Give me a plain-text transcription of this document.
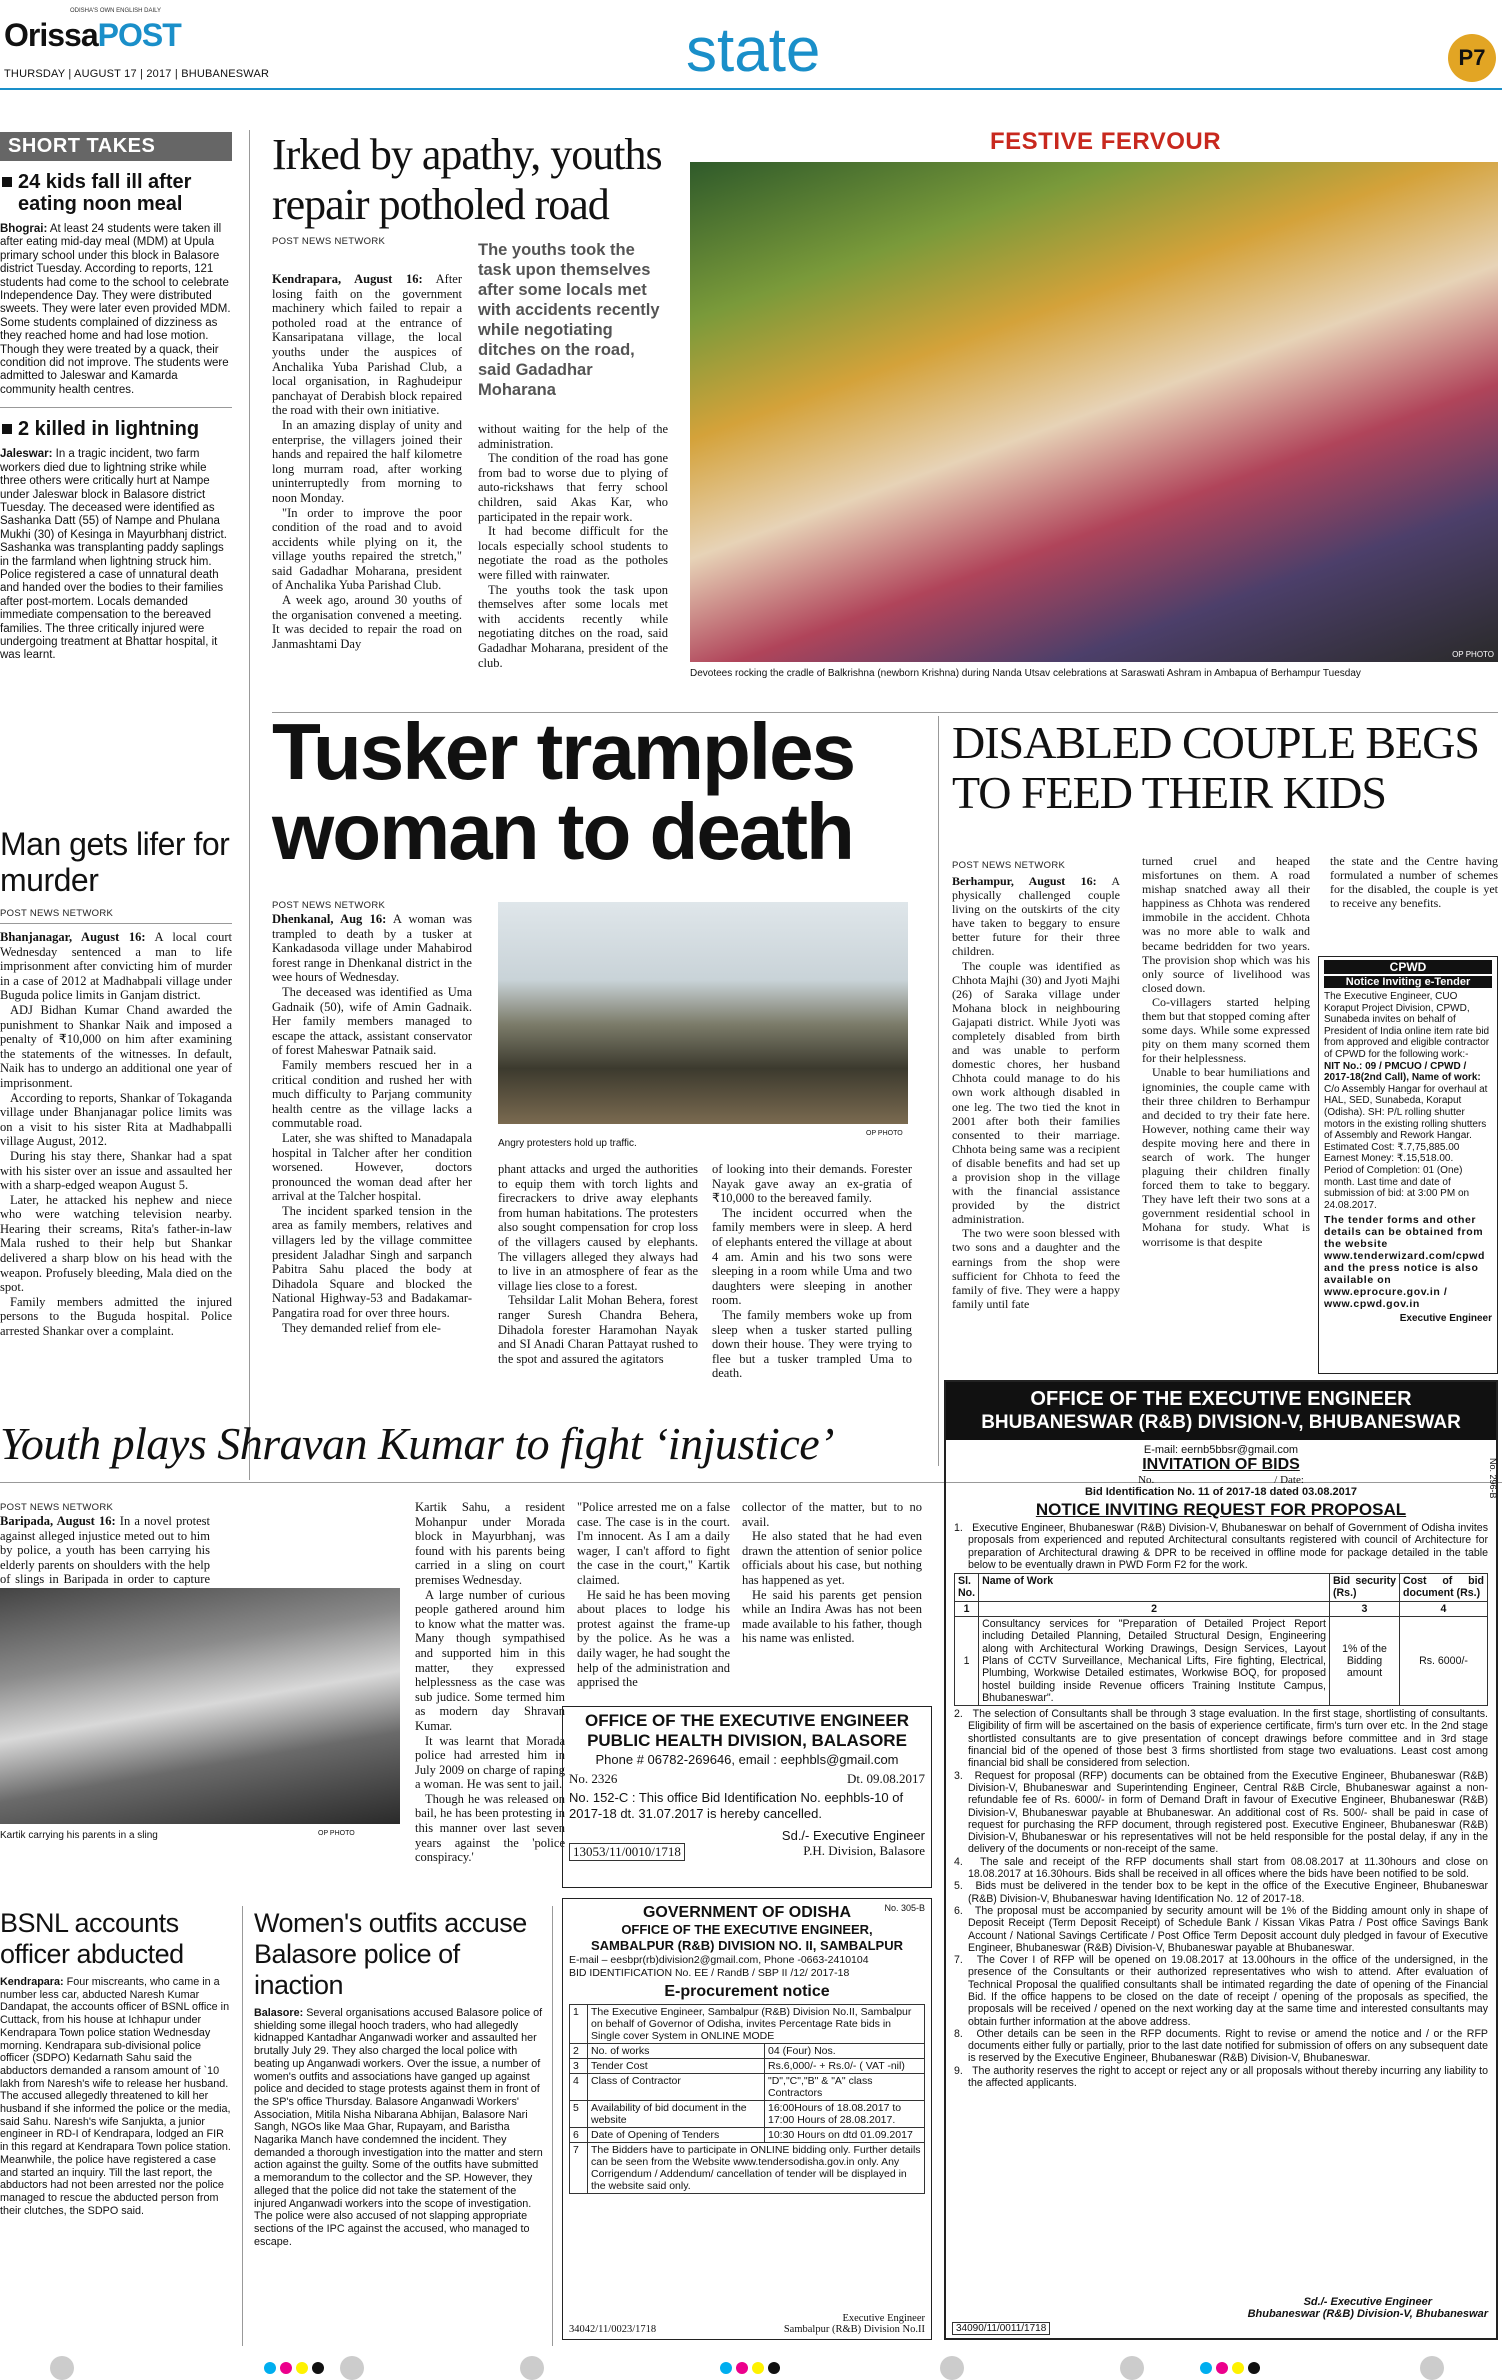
OrissaPOST
ODISHA'S OWN ENGLISH DAILY
THURSDAY | AUGUST 17 | 2017 | BHUBANESWAR	state	P7
SHORT TAKES
24 kids fall ill after eating noon meal

Bhograi: At least 24 students were taken ill after eating mid-day meal (MDM) at Upula primary school under this block in Balasore district Tuesday. According to reports, 121 students had come to the school to celebrate Independence Day. They were distributed sweets. They were later even provided MDM. Some students complained of dizziness as they reached home and had lose motion. Though they were treated by a quack, their condition did not improve. The students were admitted to Jaleswar and Kamarda community health centres.

2 killed in lightning

Jaleswar: In a tragic incident, two farm workers died due to lightning strike while three others were critically hurt at Nampe under Jaleswar block in Balasore district Tuesday. The deceased were identified as Sashanka Datt (55) of Nampe and Phulana Mukhi (30) of Kesinga in Mayurbhanj district. Sashanka was transplanting paddy saplings in the farmland when lightning struck him. Police registered a case of unnatural death and handed over the bodies to their families after post-mortem. Locals demanded immediate compensation to the bereaved families. The three critically injured were undergoing treatment at Bhattar hospital, it was learnt.

Man gets lifer for murder
POST NEWS NETWORK

Bhanjanagar, August 16: A local court Wednesday sentenced a man to life imprisonment after convicting him of murder in a case of 2012 at Madhabpali village under Buguda police limits in Ganjam district.

ADJ Bidhan Kumar Chand awarded the punishment to Shankar Naik and imposed a penalty of ₹10,000 on him after examining the statements of the witnesses. In default, Naik has to undergo an additional one year of imprisonment.

According to reports, Shankar of Tokaganda village under Bhanjanagar police limits was on a visit to his sister Rita at Madhabpalli village August, 2012.

During his stay there, Shankar had a spat with his sister over an issue and assaulted her with a sharp-edged weapon August 5.

Later, he attacked his nephew and niece who were watching television nearby. Hearing their screams, Rita's father-in-law Mala rushed to their help but Shankar delivered a sharp blow on his head with the weapon. Profusely bleeding, Mala died on the spot.

Family members admitted the injured persons to the Buguda hospital. Police arrested Shankar over a complaint.

Irked by apathy, youths repair potholed road
POST NEWS NETWORK	The youths took the task upon themselves after some locals met with accidents recently while negotiating ditches on the road, said Gadadhar Moharana

Kendrapara, August 16: After losing faith on the government machinery which failed to repair a potholed road at the entrance of Kansaripatana village, the local youths under the auspices of Anchalika Yuba Parishad Club, a local organisation, in Raghudeipur panchayat of Derabish block repaired the road with their own initiative.

In an amazing display of unity and enterprise, the villagers joined their hands and repaired the half kilometre long murram road, after working uninterruptedly from morning to noon Monday.

"In order to improve the poor condition of the road and to avoid accidents while plying on it, the village youths repaired the stretch," said Gadadhar Moharana, president of Anchalika Yuba Parishad Club.

A week ago, around 30 youths of the organisation convened a meeting. It was decided to repair the road on Janmashtami Day

without waiting for the help of the administration.

The condition of the road has gone from bad to worse due to plying of auto-rickshaws that ferry school children, said Akas Kar, who participated in the repair work.

It had become difficult for the locals especially school students to negotiate the road as the potholes were filled with rainwater.

The youths took the task upon themselves after some locals met with accidents recently while negotiating ditches on the road, said Gadadhar Moharana, president of the club.

FESTIVE FERVOUR
OP PHOTO
Devotees rocking the cradle of Balkrishna (newborn Krishna) during Nanda Utsav celebrations at Saraswati Ashram in Ambapua of Berhampur Tuesday
Tusker tramples woman to death
POST NEWS NETWORK

Dhenkanal, Aug 16: A woman was trampled to death by a tusker at Kankadasoda village under Mahabirod forest range in Dhenkanal district in the wee hours of Wednesday.

The deceased was identified as Uma Gadnaik (50), wife of Amin Gadnaik. Her family members managed to escape the attack, assistant conservator of forest Maheswar Patnaik said.

Family members rescued her in a critical condition and rushed her with much difficulty to Parjang community health centre as the village lacks a commutable road.

Later, she was shifted to Manadapala hospital in Talcher after her condition worsened. However, doctors pronounced the woman dead after her arrival at the Talcher hospital.

The incident sparked tension in the area as family members, relatives and villagers led by the village committee president Jaladhar Singh and sarpanch Pabitra Sahu placed the body at Dihadola Square and blocked the National Highway-53 and Badakamar-Pangatira road for over three hours.

They demanded relief from ele-

Angry protesters hold up traffic.
OP PHOTO

phant attacks and urged the authorities to equip them with torch lights and firecrackers to drive away elephants from human habitations. The protesters also sought compensation for crop loss of the villagers caused by elephants. The villagers alleged they always had to live in an atmosphere of fear as the village lies close to a forest.

Tehsildar Lalit Mohan Behera, forest ranger Suresh Chandra Behera, Dihadola forester Haramohan Nayak and SI Anadi Charan Pattayat rushed to the spot and assured the agitators

of looking into their demands. Forester Nayak gave away an ex-gratia of ₹10,000 to the bereaved family.

The incident occurred when the family members were in sleep. A herd of elephants entered the village at about 4 am. Amin and his two sons were sleeping in a room while Uma and two daughters were sleeping in another room.

The family members woke up from sleep when a tusker started pulling down their house. They were trying to flee but a tusker trampled Uma to death.

DISABLED COUPLE BEGS TO FEED THEIR KIDS
POST NEWS NETWORK

Berhampur, August 16: A physically challenged couple living on the outskirts of the city have taken to beggary to ensure better future for their three children.

The couple was identified as Chhota Majhi (30) and Jyoti Majhi (26) of Saraka village under Mohana block in neighbouring Gajapati district. While Jyoti was completely disabled from birth and was unable to perform domestic chores, her husband Chhota could manage to do his own work although disabled in one leg. The two tied the knot in 2001 after both their families consented to their marriage. Chhota being same was a recipient of disable benefits and had set up a provision shop in the village with the financial assistance provided by the district administration.

The two were soon blessed with two sons and a daughter and the earnings from the shop were sufficient for Chhota to feed the family of five. They were a happy family until fate

turned cruel and heaped misfortunes on them. A road mishap snatched away all their happiness as Chhota was rendered immobile in the accident. Chhota was no more able to walk and became bedridden for two years. The provision shop which was his only source of livelihood was closed down.

Co-villagers started helping them but that stopped coming after some days. While some expressed pity on them many scorned them for their helplessness.

Unable to bear humiliations and ignominies, the couple came with their three children to Berhampur and decided to try their fate here. However, nothing came their way despite moving here and there in search of work. The hunger plaguing their children finally forced them to take to beggary. They have left their two sons at a government residential school in Mohana for study. What is worrisome is that despite

the state and the Centre having formulated a number of schemes for the disabled, the couple is yet to receive any benefits.

CPWD

Notice Inviting e-Tender

The Executive Engineer, CUO Koraput Project Division, CPWD, Sunabeda invites on behalf of President of India online item rate bid from approved and eligible contractor of CPWD for the following work:-

NIT No.: 09 / PMCUO / CPWD / 2017-18(2nd Call), Name of work: C/o Assembly Hangar for overhaul at HAL, SED, Sunabeda, Koraput (Odisha). SH: P/L rolling shutter motors in the existing rolling shutters of Assembly and Rework Hangar.

Estimated Cost: ₹.7,75,885.00

Earnest Money: ₹.15,518.00.

Period of Completion: 01 (One) month. Last time and date of submission of bid: at 3:00 PM on 24.08.2017.

The tender forms and other details can be obtained from the website www.tenderwizard.com/cpwd and the press notice is also available on www.eprocure.gov.in / www.cpwd.gov.in

Executive Engineer

Youth plays Shravan Kumar to fight ‘injustice’
POST NEWS NETWORK

Baripada, August 16: In a novel protest against alleged injustice meted out to him by police, a youth has been carrying his elderly parents on shoulders with the help of slings in Baripada in order to capture

Kartik carrying his parents in a sling	OP PHOTO

Kartik Sahu, a resident Mohanpur under Morada block in Mayurbhanj, was found with his parents being carried in a sling on court premises Wednesday.

A large number of curious people gathered around him to know what the matter was. Many though sympathised and supported him in this matter, they expressed helplessness as the case was sub judice. Some termed him as modern day Shravan Kumar.

It was learnt that Morada police had arrested him in July 2009 on charge of raping a woman. He was sent to jail.

Though he was released on bail, he has been protesting in this manner over last seven years against the 'police conspiracy.'

"Police arrested me on a false case. The case is in the court. I'm innocent. As I am a daily wager, I can't afford to fight the case in the court," Kartik claimed.

He said he has been moving about places to lodge his protest against the frame-up by the police. As he was a daily wager, he had sought the help of the administration and apprised the

collector of the matter, but to no avail.

He also stated that he had even drawn the attention of senior police officials about his case, but nothing has happened as yet.

He said his parents get pension while an Indira Awas has not been made available to his father, though his name was enlisted.

OFFICE OF THE EXECUTIVE ENGINEER

PUBLIC HEALTH DIVISION, BALASORE

Phone # 06782-269646, email : eephbls@gmail.com

No. 2326	Dt. 09.08.2017

No. 152-C : This office Bid Identification No. eephbls-10 of 2017-18 dt. 31.07.2017 is hereby cancelled.

Sd./- Executive Engineer

13053/11/0010/1718	P.H. Division, Balasore
BSNL accounts officer abducted

Kendrapara: Four miscreants, who came in a number less car, abducted Naresh Kumar Dandapat, the accounts officer of BSNL office in Cuttack, from his house at Ichhapur under Kendrapara Town police station Wednesday morning. Kendrapara sub-divisional police officer (SDPO) Kedarnath Sahu said the abductors demanded a ransom amount of `10 lakh from Naresh's wife to release her husband. The accused allegedly threatened to kill her husband if she informed the police or the media, said Sahu. Naresh's wife Sanjukta, a junior engineer in RD-I of Kendrapara, lodged an FIR in this regard at Kendrapara Town police station. Meanwhile, the police have registered a case and started an inquiry. Till the last report, the abductors had not been arrested nor the police managed to rescue the abducted person from their clutches, the SDPO said.

Women's outfits accuse Balasore police of inaction

Balasore: Several organisations accused Balasore police of shielding some illegal hooch traders, who had allegedly kidnapped Kantadhar Anganwadi worker and assaulted her brutally July 29. They also charged the local police with beating up Anganwadi workers. Over the issue, a number of women's outfits and associations have ganged up against police and decided to stage protests against them in front of the SP's office Thursday. Balasore Anganwadi Workers' Association, Mitila Nisha Nibarana Abhijan, Balasore Nari Sangh, NGOs like Maa Ghar, Rupayam, and Baristha Nagarika Manch have condemned the incident. They demanded a thorough investigation into the matter and stern action against the guilty. Some of the outfits have submitted a memorandum to the collector and the SP. However, they alleged that the police did not take the statement of the injured Anganwadi workers into the scope of investigation. The police were also accused of not slapping appropriate sections of the IPC against the accused, who managed to escape.

No. 305-B

GOVERNMENT OF ODISHA

OFFICE OF THE EXECUTIVE ENGINEER,

SAMBALPUR (R&B) DIVISION NO. II, SAMBALPUR

E-mail – eesbpr(rb)division2@gmail.com, Phone -0663-2410104

BID IDENTIFICATION No. EE / RandB / SBP II /12/ 2017-18

E-procurement notice

1	The Executive Engineer, Sambalpur (R&B) Division No.II, Sambalpur on behalf of Governor of Odisha, invites Percentage Rate bids in Single cover System in ONLINE MODE	
2	No. of works	04 (Four) Nos.
3	Tender Cost	Rs.6,000/- + Rs.0/- ( VAT -nil)
4	Class of Contractor	"D","C","B" & "A" class Contractors
5	Availability of bid document in the website	16:00Hours of 18.08.2017 to 17:00 Hours of 28.08.2017.
6	Date of Opening of Tenders	10:30 Hours on dtd 01.09.2017
7	The Bidders have to participate in ONLINE bidding only. Further details can be seen from the Website www.tendersodisha.gov.in only. Any Corrigendum / Addendum/ cancellation of tender will be displayed in the website said only.	
34042/11/0023/1718
Executive Engineer
Sambalpur (R&B) Division No.II

OFFICE OF THE EXECUTIVE ENGINEER

BHUBANESWAR (R&B) DIVISION-V, BHUBANESWAR

No. 296-B

E-mail: eernb5bbsr@gmail.com

INVITATION OF BIDS

No.	/ Date:

Bid Identification No. 11 of 2017-18 dated 03.08.2017

NOTICE INVITING REQUEST FOR PROPOSAL

1.   Executive Engineer, Bhubaneswar (R&B) Division-V, Bhubaneswar on behalf of Government of Odisha invites proposals from experienced and reputed Architectural consultants registered with council of Architecture for preparation of Architectural drawing & DPR to be received in offline mode for package detailed in the table below to be eventually drawn in PWD Form F2 for the work.

Sl. No.	Name of Work	Bid security (Rs.)	Cost of bid document (Rs.)
1	2	3	4
1	Consultancy services for "Preparation of Detailed Project Report including Detailed Planning, Detailed Structural Design, Engineering along with Architectural Working Drawings, Design Services, Layout Plans of CCTV Surveillance, Mechanical Lifts, Fire fighting, Electrical, Plumbing, Workwise Detailed estimates, Workwise BOQ, for proposed hostel building inside Revenue officers Training Institute Campus, Bhubaneswar".	1% of the Bidding amount	Rs. 6000/-

2.   The selection of Consultants shall be through 3 stage evaluation. In the first stage, shortlisting of consultants. Eligibility of firm will be ascertained on the basis of experience certificate, firm's turn over etc. In the 2nd stage shortlisted consultants are to give presentation of concept drawings before committee and in 3rd stage financial bid of the opened of those best 3 firms shortlisted from stage two evaluations. Least cost among financial bid shall be considered from selection.

3.   Request for proposal (RFP) documents can be obtained from the Executive Engineer, Bhubaneswar (R&B) Division-V, Bhubaneswar and Superintending Engineer, Central R&B Circle, Bhubaneswar against a non-refundable fee of Rs. 6000/- in form of Demand Draft in favour of Executive Engineer, Bhubaneswar (R&B) Division-V, Bhubaneswar payable at Bhubaneswar. An additional cost of Rs. 500/- shall be paid in case of request for purchasing the RFP document, through registered post. Executive Engineer, Bhubaneswar (R&B) Division-V, Bhubaneswar or his representatives will not be held responsible for the postal delay, if any in the delivery of the documents or non-receipt of the same.

4.   The sale and receipt of the RFP documents shall start from 08.08.2017 at 11.30hours and close on 18.08.2017 at 16.30hours. Bids shall be received in all offices where the bids have been notified to be sold.

5.   Bids must be delivered in the tender box to be kept in the office of the Executive Engineer, Bhubaneswar (R&B) Division-V, Bhubaneswar having Identification No. 12 of 2017-18.

6.   The proposal must be accompanied by security amount will be 1% of the Bidding amount only in shape of Deposit Receipt (Term Deposit Receipt) of Schedule Bank / Kissan Vikas Patra / Post office Savings Bank Account / National Savings Certificate / Post Office Term Deposit account duly pledged in favour of Executive Engineer, Bhubaneswar (R&B) Division-V, Bhubaneswar payable at Bhubaneswar.

7.   The Cover I of RFP will be opened on 19.08.2017 at 13.00hours in the office of the undersigned, in the presence of the Consultants or their authorized representatives who wish to attend. After evaluation of Technical Proposal the qualified consultants shall be intimated regarding the date of opening of the Financial Bid. If the office happens to be closed on the date of receipt / opening of the proposals as specified, the proposals will be received / opened on the next working day at the same time and interested consultants may obtain further information at the above address.

8.   Other details can be seen in the RFP documents. Right to revise or amend the notice and / or the RFP documents either fully or partially, prior to the last date notified for submission of offers on any subsequent date is reserved by the Executive Engineer, Bhubaneswar (R&B) Division-V, Bhubaneswar.

9.   The authority reserves the right to accept or reject any or all proposals without thereby incurring any liability to the affected applicants.

Sd./- Executive Engineer
Bhubaneswar (R&B) Division-V, Bhubaneswar
34090/11/0011/1718
